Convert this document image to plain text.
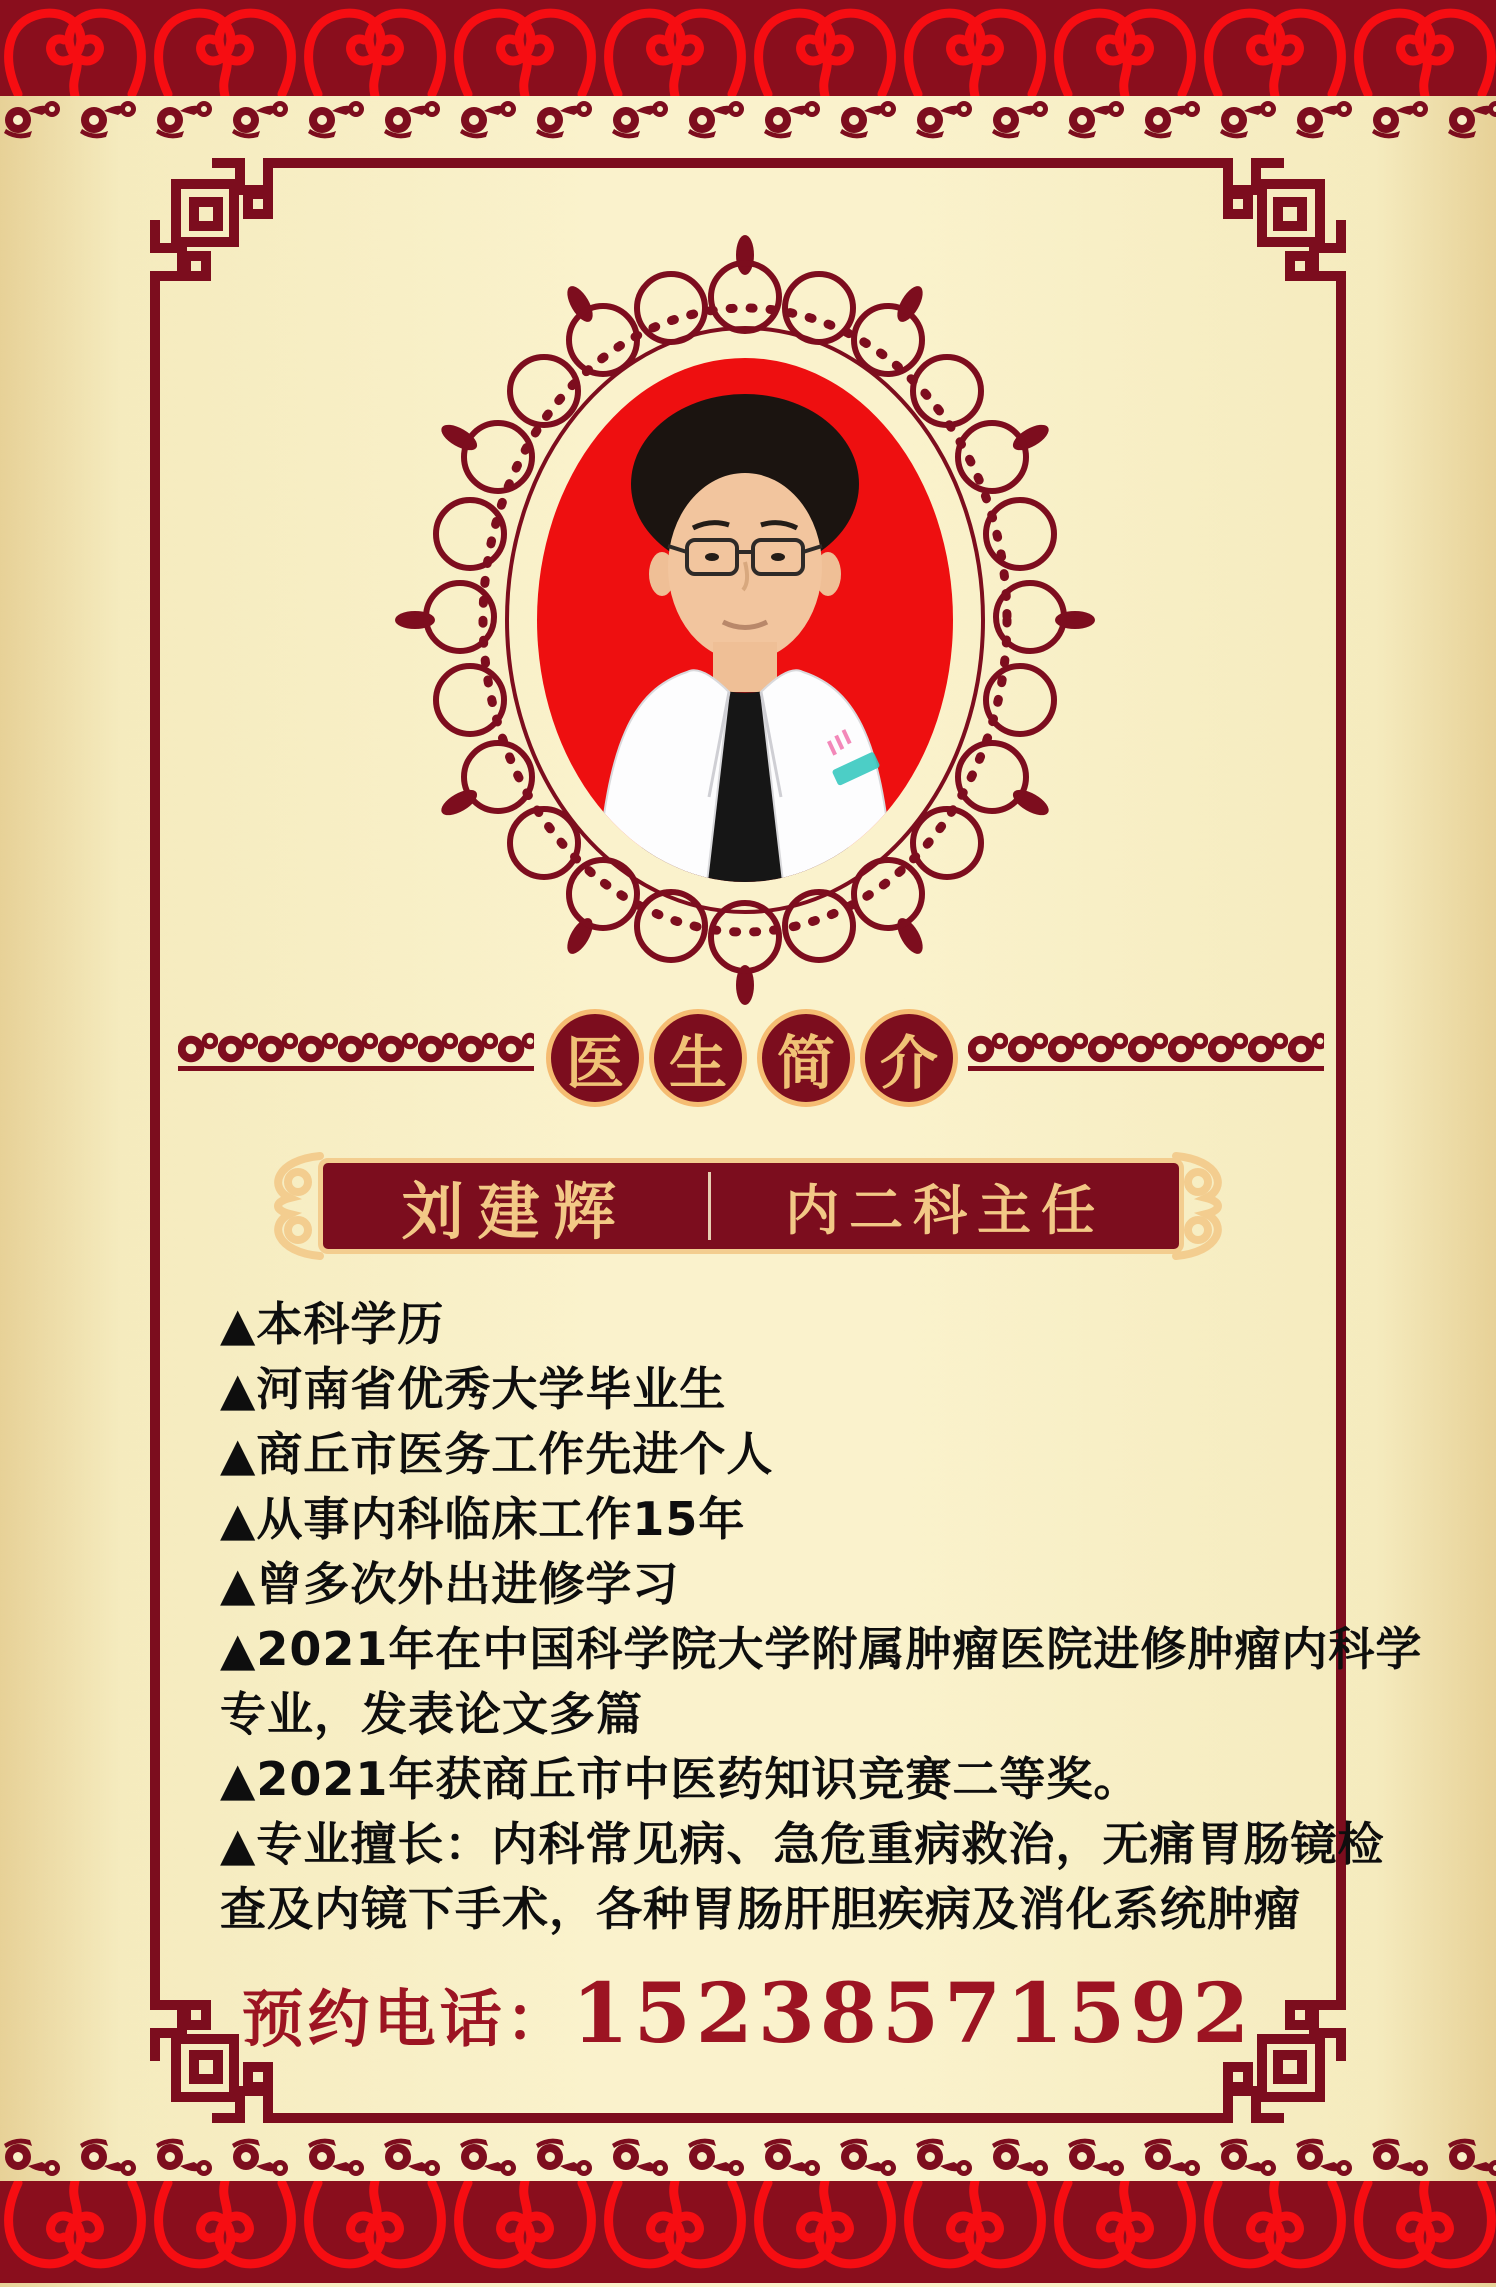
医 生 简 介
刘建辉	内二科主任
▲本科学历
▲河南省优秀大学毕业生
▲商丘市医务工作先进个人
▲从事内科临床工作15年
▲曾多次外出进修学习
▲2021年在中国科学院大学附属肿瘤医院进修肿瘤内科学
专业，发表论文多篇
▲2021年获商丘市中医药知识竞赛二等奖。
▲专业擅长：内科常见病、急危重病救治，无痛胃肠镜检
查及内镜下手术，各种胃肠肝胆疾病及消化系统肿瘤
预约电话：15238571592
